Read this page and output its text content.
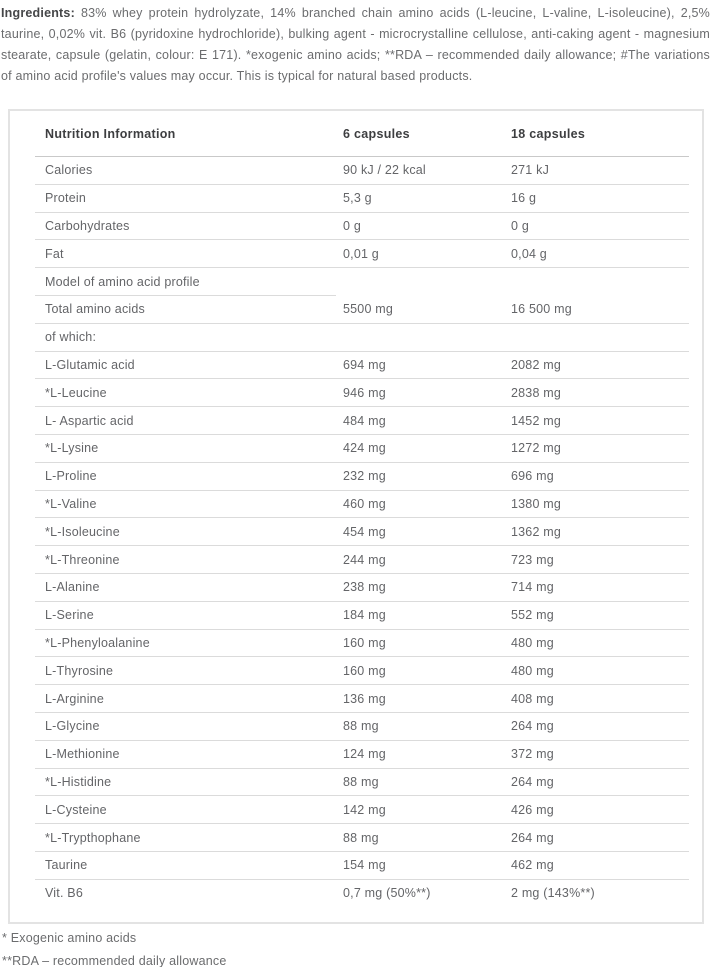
Ingredients: 83% whey protein hydrolyzate, 14% branched chain amino acids (L-leucine, L-valine, L-isoleucine), 2,5% taurine, 0,02% vit. B6 (pyridoxine hydrochloride), bulking agent - microcrystalline cellulose, anti-caking agent - magnesium stearate, capsule (gelatin, colour: E 171). *exogenic amino acids; **RDA – recommended daily allowance; #The variations of amino acid profile's values may occur. This is typical for natural based products.

Nutrition Information	6 capsules	18 capsules
Calories	90 kJ / 22 kcal	271 kJ
Protein	5,3 g	16 g
Carbohydrates	0 g	0 g
Fat	0,01 g	0,04 g
Model of amino acid profile
Total amino acids	5500 mg	16 500 mg
of which:
L-Glutamic acid	694 mg	2082 mg
*L-Leucine	946 mg	2838 mg
L- Aspartic acid	484 mg	1452 mg
*L-Lysine	424 mg	1272 mg
L-Proline	232 mg	696 mg
*L-Valine	460 mg	1380 mg
*L-Isoleucine	454 mg	1362 mg
*L-Threonine	244 mg	723 mg
L-Alanine	238 mg	714 mg
L-Serine	184 mg	552 mg
*L-Phenyloalanine	160 mg	480 mg
L-Thyrosine	160 mg	480 mg
L-Arginine	136 mg	408 mg
L-Glycine	88 mg	264 mg
L-Methionine	124 mg	372 mg
*L-Histidine	88 mg	264 mg
L-Cysteine	142 mg	426 mg
*L-Trypthophane	88 mg	264 mg
Taurine	154 mg	462 mg
Vit. B6	0,7 mg (50%**)	2 mg (143%**)
* Exogenic amino acids
**RDA – recommended daily allowance
